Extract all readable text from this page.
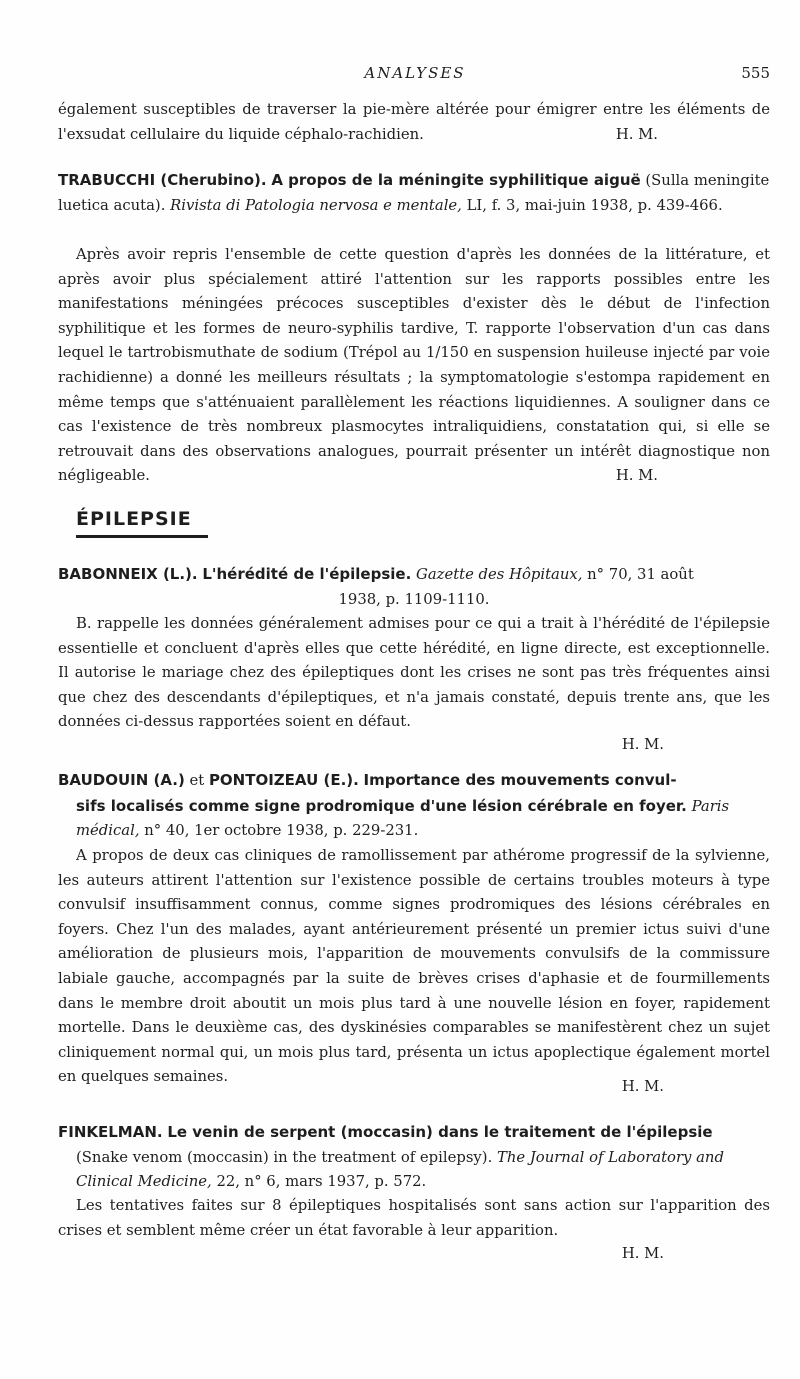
ANALYSES	555

également susceptibles de traverser la pie-mère altérée pour émigrer entre les éléments de l'exsudat cellulaire du liquide céphalo-rachidien.	H. M.

TRABUCCHI (Cherubino). A propos de la méningite syphilitique aiguë (Sulla meningite luetica acuta). Rivista di Patologia nervosa e mentale, LI, f. 3, mai-juin 1938, p. 439-466.

Après avoir repris l'ensemble de cette question d'après les données de la littérature, et après avoir plus spécialement attiré l'attention sur les rapports possibles entre les manifestations méningées précoces susceptibles d'exister dès le début de l'infection syphilitique et les formes de neuro-syphilis tardive, T. rapporte l'observation d'un cas dans lequel le tartrobismuthate de sodium (Trépol au 1/150 en suspension huileuse injecté par voie rachidienne) a donné les meilleurs résultats ; la symptomatologie s'estompa rapidement en même temps que s'atténuaient parallèlement les réactions liquidiennes. A souligner dans ce cas l'existence de très nombreux plasmocytes intraliquidiens, constatation qui, si elle se retrouvait dans des observations analogues, pourrait présenter un intérêt diagnostique non négligeable.	H. M.

ÉPILEPSIE

BABONNEIX (L.). L'hérédité de l'épilepsie. Gazette des Hôpitaux, n° 70, 31 août
1938, p. 1109-1110.

B. rappelle les données généralement admises pour ce qui a trait à l'hérédité de l'épilepsie essentielle et concluent d'après elles que cette hérédité, en ligne directe, est exceptionnelle. Il autorise le mariage chez des épileptiques dont les crises ne sont pas très fréquentes ainsi que chez des descendants d'épileptiques, et n'a jamais constaté, depuis trente ans, que les données ci-dessus rapportées soient en défaut.

H. M.

BAUDOUIN (A.) et PONTOIZEAU (E.). Importance des mouvements convul-
sifs localisés comme signe prodromique d'une lésion cérébrale en foyer. Paris médical, n° 40, 1er octobre 1938, p. 229-231.

A propos de deux cas cliniques de ramollissement par athérome progressif de la sylvienne, les auteurs attirent l'attention sur l'existence possible de certains troubles moteurs à type convulsif insuffisamment connus, comme signes prodromiques des lésions cérébrales en foyers. Chez l'un des malades, ayant antérieurement présenté un premier ictus suivi d'une amélioration de plusieurs mois, l'apparition de mouvements convulsifs de la commissure labiale gauche, accompagnés par la suite de brèves crises d'aphasie et de fourmillements dans le membre droit aboutit un mois plus tard à une nouvelle lésion en foyer, rapidement mortelle. Dans le deuxième cas, des dyskinésies comparables se manifestèrent chez un sujet cliniquement normal qui, un mois plus tard, présenta un ictus apoplectique également mortel en quelques semaines.

H. M.

FINKELMAN. Le venin de serpent (moccasin) dans le traitement de l'épilepsie
(Snake venom (moccasin) in the treatment of epilepsy). The Journal of Laboratory and Clinical Medicine, 22, n° 6, mars 1937, p. 572.

Les tentatives faites sur 8 épileptiques hospitalisés sont sans action sur l'apparition des crises et semblent même créer un état favorable à leur apparition.

H. M.
